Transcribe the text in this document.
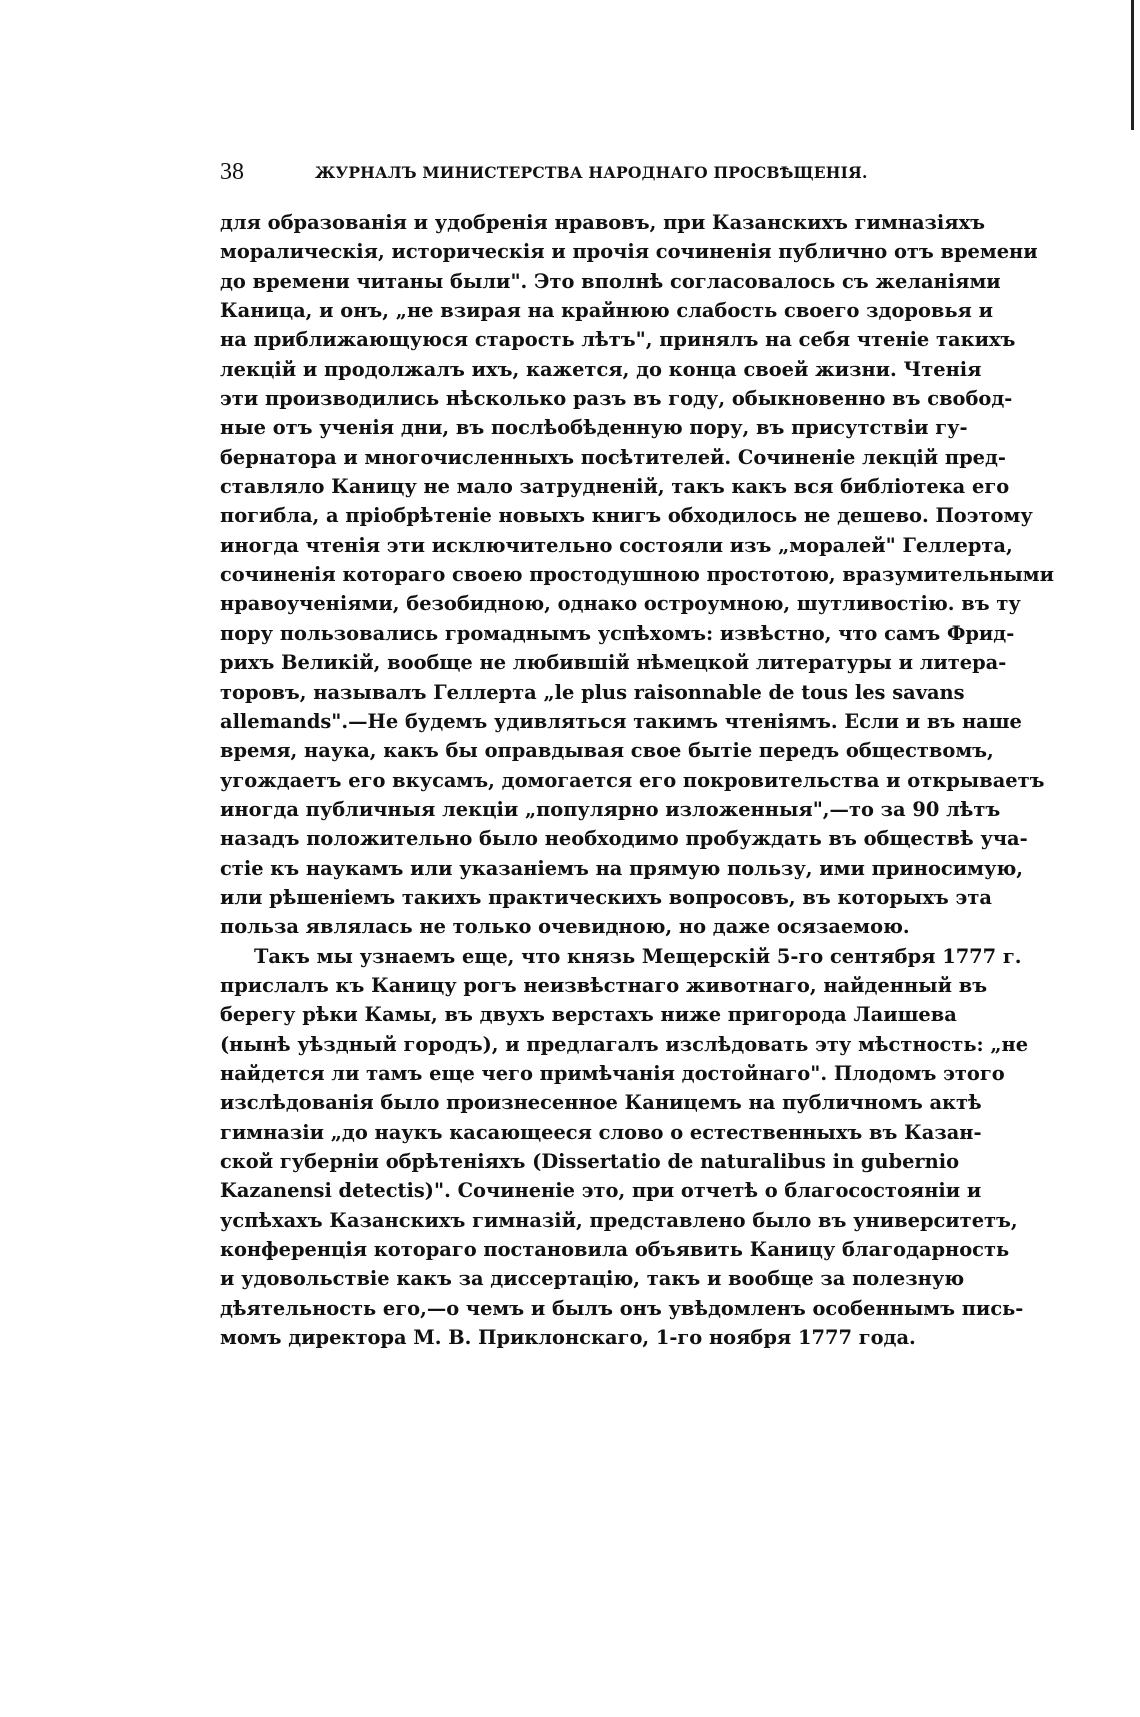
38	ЖУРНАЛЪ МИНИСТЕРСТВА НАРОДНАГО ПРОСВѢЩЕНІЯ.
для образованія и удобренія нравовъ, при Казанскихъ гимназіяхъ
моралическія, историческія и прочія сочиненія публично отъ времени
до времени читаны были". Это вполнѣ согласовалось съ желаніями
Каница, и онъ, „не взирая на крайнюю слабость своего здоровья и
на приближающуюся старость лѣтъ", принялъ на себя чтеніе такихъ
лекцій и продолжалъ ихъ, кажется, до конца своей жизни. Чтенія
эти производились нѣсколько разъ въ году, обыкновенно въ свобод-
ные отъ ученія дни, въ послѣобѣденную пору, въ присутствіи гу-
бернатора и многочисленныхъ посѣтителей. Сочиненіе лекцій пред-
ставляло Каницу не мало затрудненій, такъ какъ вся библіотека его
погибла, а пріобрѣтеніе новыхъ книгъ обходилось не дешево. Поэтому
иногда чтенія эти исключительно состояли изъ „моралей" Геллерта,
сочиненія котораго своею простодушною простотою, вразумительными
нравоученіями, безобидною, однако остроумною, шутливостію. въ ту
пору пользовались громаднымъ успѣхомъ: извѣстно, что самъ Фрид-
рихъ Великій, вообще не любившій нѣмецкой литературы и литера-
торовъ, называлъ Геллерта „le plus raisonnable de tous les savans
allemands".—Не будемъ удивляться такимъ чтеніямъ. Если и въ наше
время, наука, какъ бы оправдывая свое бытіе передъ обществомъ,
угождаетъ его вкусамъ, домогается его покровительства и открываетъ
иногда публичныя лекціи „популярно изложенныя",—то за 90 лѣтъ
назадъ положительно было необходимо пробуждать въ обществѣ уча-
стіе къ наукамъ или указаніемъ на прямую пользу, ими приносимую,
или рѣшеніемъ такихъ практическихъ вопросовъ, въ которыхъ эта
польза являлась не только очевидною, но даже осязаемою.
Такъ мы узнаемъ еще, что князь Мещерскій 5-го сентября 1777 г.
прислалъ къ Каницу рогъ неизвѣстнаго животнаго, найденный въ
берегу рѣки Камы, въ двухъ верстахъ ниже пригорода Лаишева
(нынѣ уѣздный городъ), и предлагалъ изслѣдовать эту мѣстность: „не
найдется ли тамъ еще чего примѣчанія достойнаго". Плодомъ этого
изслѣдованія было произнесенное Каницемъ на публичномъ актѣ
гимназіи „до наукъ касающееся слово о естественныхъ въ Казан-
ской губерніи обрѣтеніяхъ (Dissertatio de naturalibus in gubernio
Kazanensi detectis)". Сочиненіе это, при отчетѣ о благосостояніи и
успѣхахъ Казанскихъ гимназій, представлено было въ университетъ,
конференція котораго постановила объявить Каницу благодарность
и удовольствіе какъ за диссертацію, такъ и вообще за полезную
дѣятельность его,—о чемъ и былъ онъ увѣдомленъ особеннымъ пись-
момъ директора М. В. Приклонскаго, 1-го ноября 1777 года.
